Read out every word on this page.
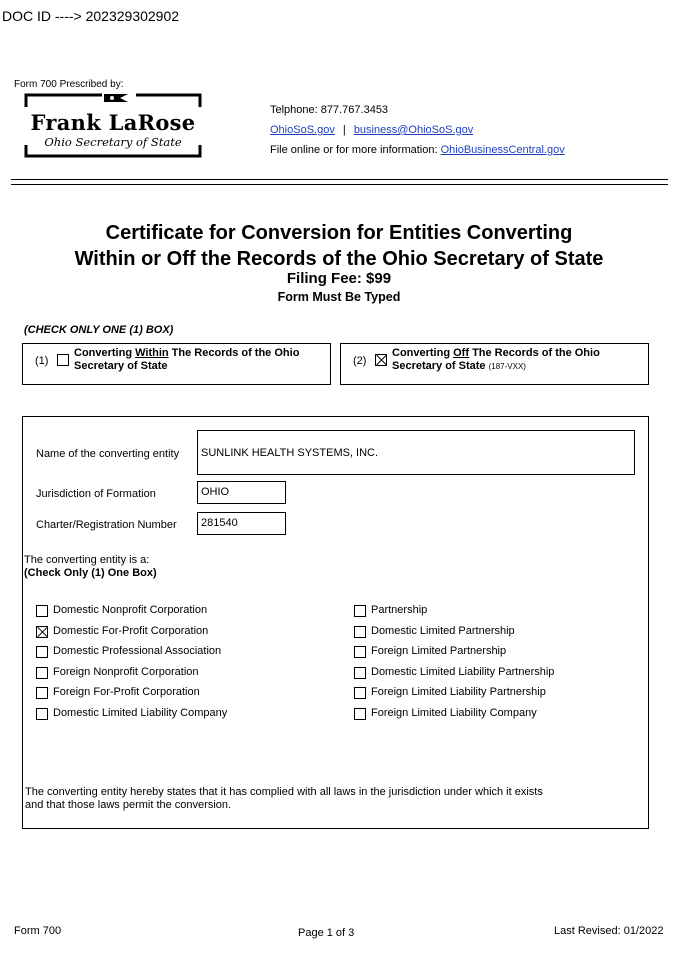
DOC ID ----> 202329302902
Form 700 Prescribed by:
Frank LaRose
Ohio Secretary of State
Telphone: 877.767.3453
OhioSoS.gov | business@OhioSoS.gov
File online or for more information: OhioBusinessCentral.gov
Certificate for Conversion for Entities Converting
Within or Off the Records of the Ohio Secretary of State
Filing Fee: $99
Form Must Be Typed
(CHECK ONLY ONE (1) BOX)
(1)
Converting Within The Records of the Ohio
Secretary of State	(2)
Converting Off The Records of the Ohio
Secretary of State (187-VXX)
Name of the converting entity	SUNLINK HEALTH SYSTEMS, INC.
Jurisdiction of Formation	OHIO
Charter/Registration Number	281540
The converting entity is a:
(Check Only (1) One Box)
Domestic Nonprofit Corporation
Domestic For-Profit Corporation
Domestic Professional Association
Foreign Nonprofit Corporation
Foreign For-Profit Corporation
Domestic Limited Liability Company
Partnership
Domestic Limited Partnership
Foreign Limited Partnership
Domestic Limited Liability Partnership
Foreign Limited Liability Partnership
Foreign Limited Liability Company
The converting entity hereby states that it has complied with all laws in the jurisdiction under which it exists
and that those laws permit the conversion.
Form 700	Page 1 of 3	Last Revised: 01/2022
